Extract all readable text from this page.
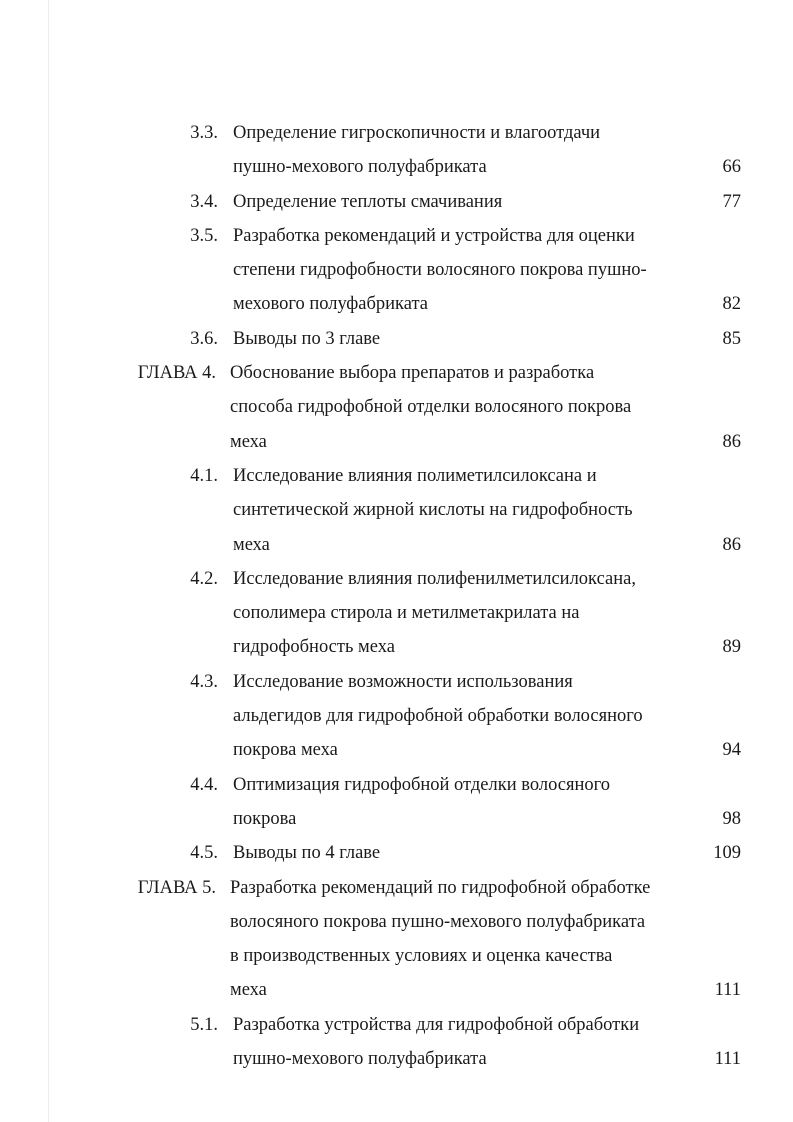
3.3. Определение гигроскопичности и влагоотдачи
пушно-мехового полуфабриката	66
3.4. Определение теплоты смачивания	77
3.5. Разработка рекомендаций и устройства для оценки
степени гидрофобности волосяного покрова пушно-
мехового полуфабриката	82
3.6. Выводы по 3 главе	85
ГЛАВА 4. Обоснование выбора препаратов и разработка
способа гидрофобной отделки волосяного покрова
меха	86
4.1. Исследование влияния полиметилсилоксана и
синтетической жирной кислоты на гидрофобность
меха	86
4.2. Исследование влияния полифенилметилсилоксана,
сополимера стирола и метилметакрилата на
гидрофобность меха	89
4.3. Исследование возможности использования
альдегидов для гидрофобной обработки волосяного
покрова меха	94
4.4. Оптимизация гидрофобной отделки волосяного
покрова	98
4.5. Выводы по 4 главе	109
ГЛАВА 5. Разработка рекомендаций по гидрофобной обработке
волосяного покрова пушно-мехового полуфабриката
в производственных условиях и оценка качества
меха	111
5.1. Разработка устройства для гидрофобной обработки
пушно-мехового полуфабриката	111
